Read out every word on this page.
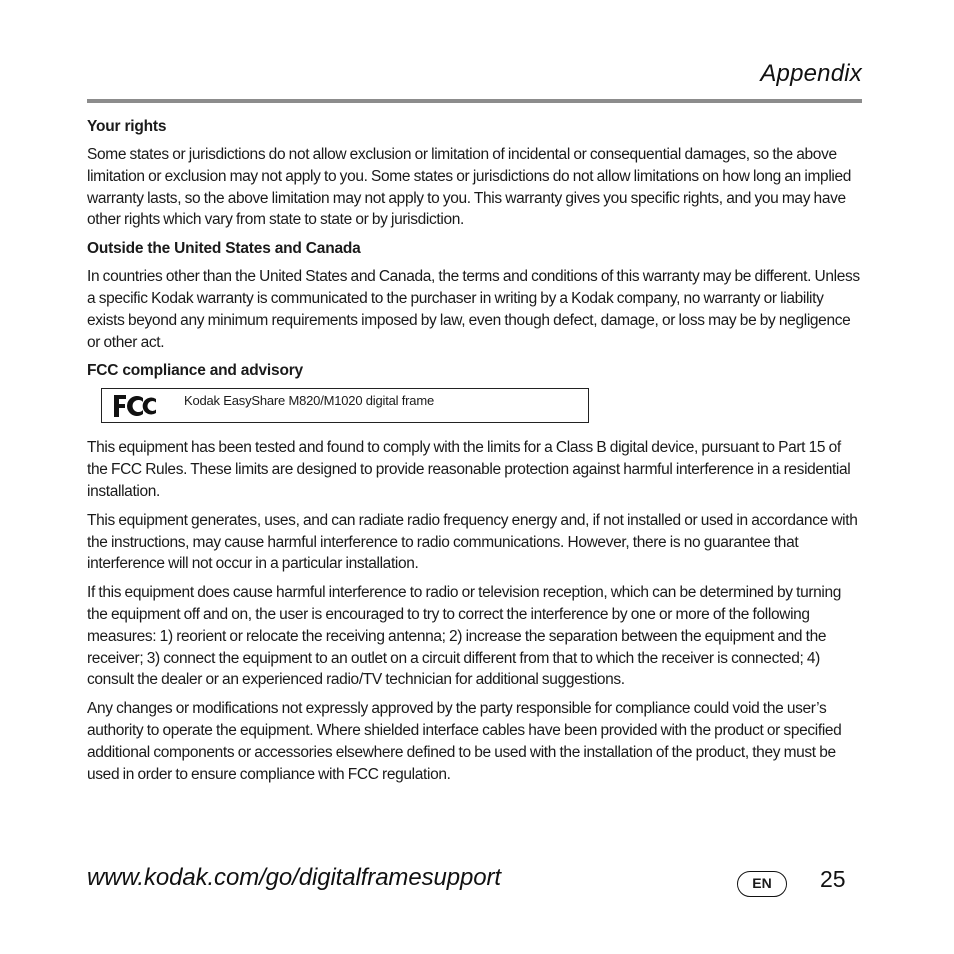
Appendix
Your rights

Some states or jurisdictions do not allow exclusion or limitation of incidental or consequential damages, so the above limitation or exclusion may not apply to you. Some states or jurisdictions do not allow limitations on how long an implied warranty lasts, so the above limitation may not apply to you. This warranty gives you specific rights, and you may have other rights which vary from state to state or by jurisdiction.

Outside the United States and Canada

In countries other than the United States and Canada, the terms and conditions of this warranty may be different. Unless a specific Kodak warranty is communicated to the purchaser in writing by a Kodak company, no warranty or liability exists beyond any minimum requirements imposed by law, even though defect, damage, or loss may be by negligence or other act.

FCC compliance and advisory
Kodak EasyShare M820/M1020 digital frame

This equipment has been tested and found to comply with the limits for a Class B digital device, pursuant to Part 15 of the FCC Rules. These limits are designed to provide reasonable protection against harmful interference in a residential installation.

This equipment generates, uses, and can radiate radio frequency energy and, if not installed or used in accordance with the instructions, may cause harmful interference to radio communications. However, there is no guarantee that interference will not occur in a particular installation.

If this equipment does cause harmful interference to radio or television reception, which can be determined by turning the equipment off and on, the user is encouraged to try to correct the interference by one or more of the following measures: 1) reorient or relocate the receiving antenna; 2) increase the separation between the equipment and the receiver; 3) connect the equipment to an outlet on a circuit different from that to which the receiver is connected; 4) consult the dealer or an experienced radio/TV technician for additional suggestions.

Any changes or modifications not expressly approved by the party responsible for compliance could void the user’s authority to operate the equipment. Where shielded interface cables have been provided with the product or specified additional components or accessories elsewhere defined to be used with the installation of the product, they must be used in order to ensure compliance with FCC regulation.

www.kodak.com/go/digitalframesupport	EN	25
